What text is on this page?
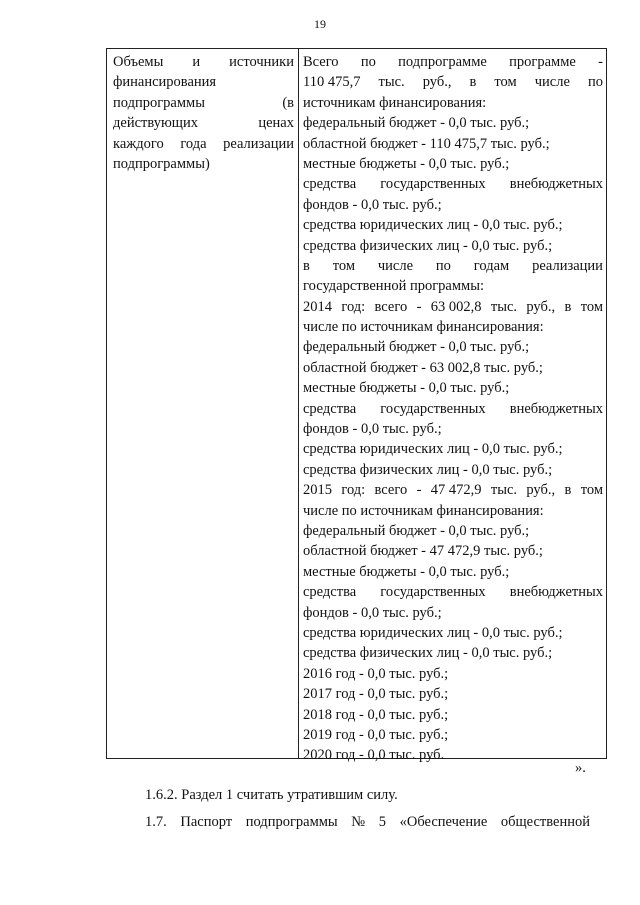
19
Объемы и источники
финансирования
подпрограммы	(в
действующих	ценах
каждого года реализации
подпрограммы)
Всего по подпрограмме программе -
110 475,7 тыс. руб., в том числе по
источникам финансирования:
федеральный бюджет - 0,0 тыс. руб.;
областной бюджет - 110 475,7 тыс. руб.;
местные бюджеты - 0,0 тыс. руб.;
средства государственных внебюджетных
фондов - 0,0 тыс. руб.;
средства юридических лиц - 0,0 тыс. руб.;
средства физических лиц - 0,0 тыс. руб.;
в том числе по годам реализации
государственной программы:
2014 год: всего - 63 002,8 тыс. руб., в том
числе по источникам финансирования:
федеральный бюджет - 0,0 тыс. руб.;
областной бюджет - 63 002,8 тыс. руб.;
местные бюджеты - 0,0 тыс. руб.;
средства государственных внебюджетных
фондов - 0,0 тыс. руб.;
средства юридических лиц - 0,0 тыс. руб.;
средства физических лиц - 0,0 тыс. руб.;
2015 год: всего - 47 472,9 тыс. руб., в том
числе по источникам финансирования:
федеральный бюджет - 0,0 тыс. руб.;
областной бюджет - 47 472,9 тыс. руб.;
местные бюджеты - 0,0 тыс. руб.;
средства государственных внебюджетных
фондов - 0,0 тыс. руб.;
средства юридических лиц - 0,0 тыс. руб.;
средства физических лиц - 0,0 тыс. руб.;
2016 год - 0,0 тыс. руб.;
2017 год - 0,0 тыс. руб.;
2018 год - 0,0 тыс. руб.;
2019 год - 0,0 тыс. руб.;
2020 год - 0,0 тыс. руб.
».
1.6.2. Раздел 1 считать утратившим силу.
1.7. Паспорт подпрограммы № 5 «Обеспечение общественной
